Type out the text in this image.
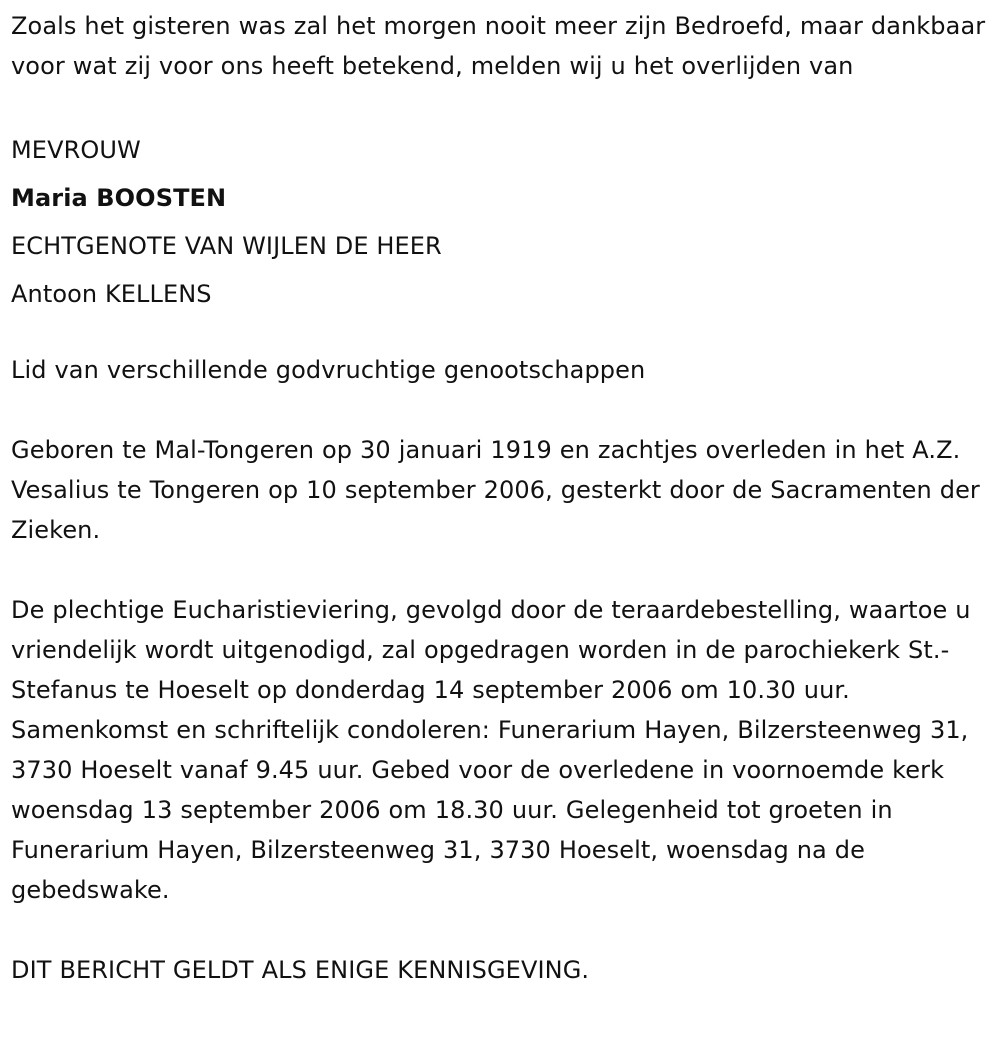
Zoals het gisteren was zal het morgen nooit meer zijn Bedroefd, maar dankbaar voor wat zij voor ons heeft betekend, melden wij u het overlijden van

MEVROUW

Maria BOOSTEN

ECHTGENOTE VAN WIJLEN DE HEER

Antoon KELLENS

Lid van verschillende godvruchtige genootschappen

Geboren te Mal-Tongeren op 30 januari 1919 en zachtjes overleden in het A.Z. Vesalius te Tongeren op 10 september 2006, gesterkt door de Sacramenten der Zieken.

De plechtige Eucharistieviering, gevolgd door de teraardebestelling, waartoe u vriendelijk wordt uitgenodigd, zal opgedragen worden in de parochiekerk St.-Stefanus te Hoeselt op donderdag 14 september 2006 om 10.30 uur. Samenkomst en schriftelijk condoleren: Funerarium Hayen, Bilzersteenweg 31, 3730 Hoeselt vanaf 9.45 uur. Gebed voor de overledene in voornoemde kerk woensdag 13 september 2006 om 18.30 uur. Gelegenheid tot groeten in Funerarium Hayen, Bilzersteenweg 31, 3730 Hoeselt, woensdag na de gebedswake.

DIT BERICHT GELDT ALS ENIGE KENNISGEVING.
